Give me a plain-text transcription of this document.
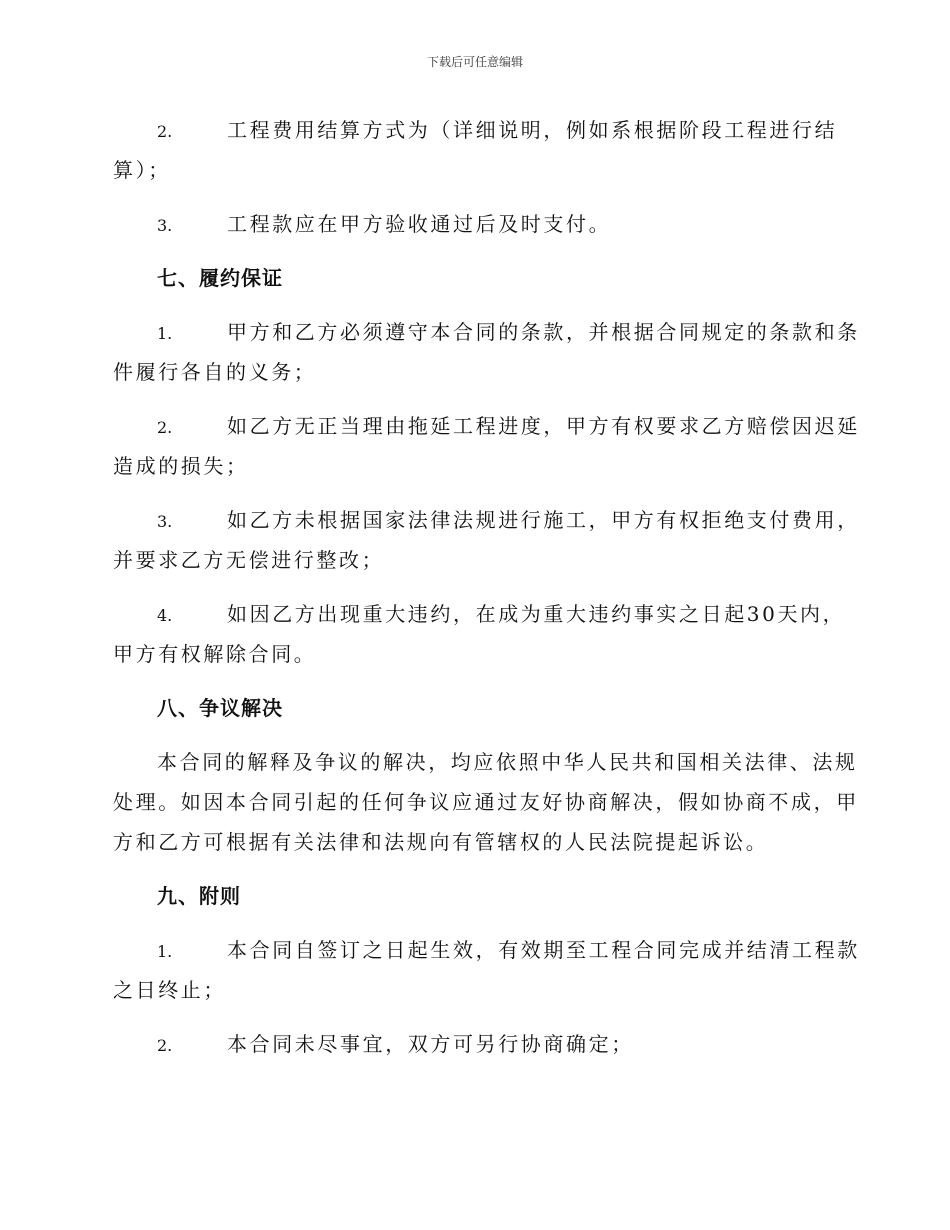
下载后可任意编辑
2.	工程费用结算方式为（详细说明，例如系根据阶段工程进行结
算）；
3.	工程款应在甲方验收通过后及时支付。
七、履约保证
1.	甲方和乙方必须遵守本合同的条款，并根据合同规定的条款和条
件履行各自的义务；
2.	如乙方无正当理由拖延工程进度，甲方有权要求乙方赔偿因迟延
造成的损失；
3.	如乙方未根据国家法律法规进行施工，甲方有权拒绝支付费用，
并要求乙方无偿进行整改；
4.	如因乙方出现重大违约，在成为重大违约事实之日起30天内，
甲方有权解除合同。
八、争议解决
本合同的解释及争议的解决，均应依照中华人民共和国相关法律、法规
处理。如因本合同引起的任何争议应通过友好协商解决，假如协商不成，甲
方和乙方可根据有关法律和法规向有管辖权的人民法院提起诉讼。
九、附则
1.	本合同自签订之日起生效，有效期至工程合同完成并结清工程款
之日终止；
2.	本合同未尽事宜，双方可另行协商确定；
